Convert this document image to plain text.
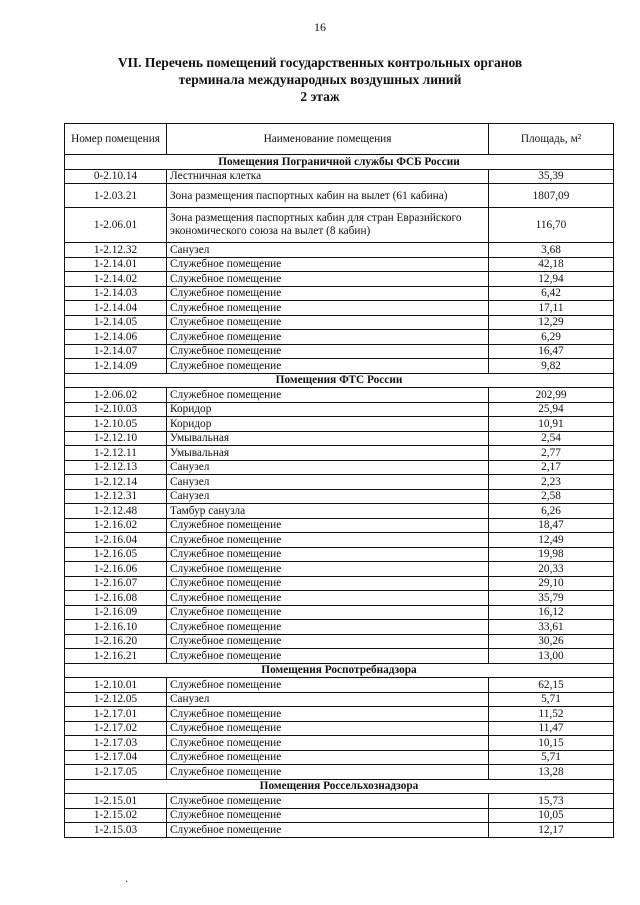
16
VII. Перечень помещений государственных контрольных органов
терминала международных воздушных линий
2 этаж
Номер помещения	Наименование помещения	Площадь, м²
Помещения Пограничной службы ФСБ России		
0-2.10.14	Лестничная клетка	35,39
1-2.03.21	Зона размещения паспортных кабин на вылет (61 кабина)	1807,09
1-2.06.01	Зона размещения паспортных кабин для стран Евразийского экономического союза на вылет (8 кабин)	116,70
1-2.12.32	Санузел	3,68
1-2.14.01	Служебное помещение	42,18
1-2.14.02	Служебное помещение	12,94
1-2.14.03	Служебное помещение	6,42
1-2.14.04	Служебное помещение	17,11
1-2.14.05	Служебное помещение	12,29
1-2.14.06	Служебное помещение	6,29
1-2.14.07	Служебное помещение	16,47
1-2.14.09	Служебное помещение	9,82
Помещения ФТС России		
1-2.06.02	Служебное помещение	202,99
1-2.10.03	Коридор	25,94
1-2.10.05	Коридор	10,91
1-2.12.10	Умывальная	2,54
1-2.12.11	Умывальная	2,77
1-2.12.13	Санузел	2,17
1-2.12.14	Санузел	2,23
1-2.12.31	Санузел	2,58
1-2.12.48	Тамбур санузла	6,26
1-2.16.02	Служебное помещение	18,47
1-2.16.04	Служебное помещение	12,49
1-2.16.05	Служебное помещение	19,98
1-2.16.06	Служебное помещение	20,33
1-2.16.07	Служебное помещение	29,10
1-2.16.08	Служебное помещение	35,79
1-2.16.09	Служебное помещение	16,12
1-2.16.10	Служебное помещение	33,61
1-2.16.20	Служебное помещение	30,26
1-2.16.21	Служебное помещение	13,00
Помещения Роспотребнадзора		
1-2.10.01	Служебное помещение	62,15
1-2.12.05	Санузел	5,71
1-2.17.01	Служебное помещение	11,52
1-2.17.02	Служебное помещение	11,47
1-2.17.03	Служебное помещение	10,15
1-2.17.04	Служебное помещение	5,71
1-2.17.05	Служебное помещение	13,28
Помещения Россельхознадзора		
1-2.15.01	Служебное помещение	15,73
1-2.15.02	Служебное помещение	10,05
1-2.15.03	Служебное помещение	12,17
·
